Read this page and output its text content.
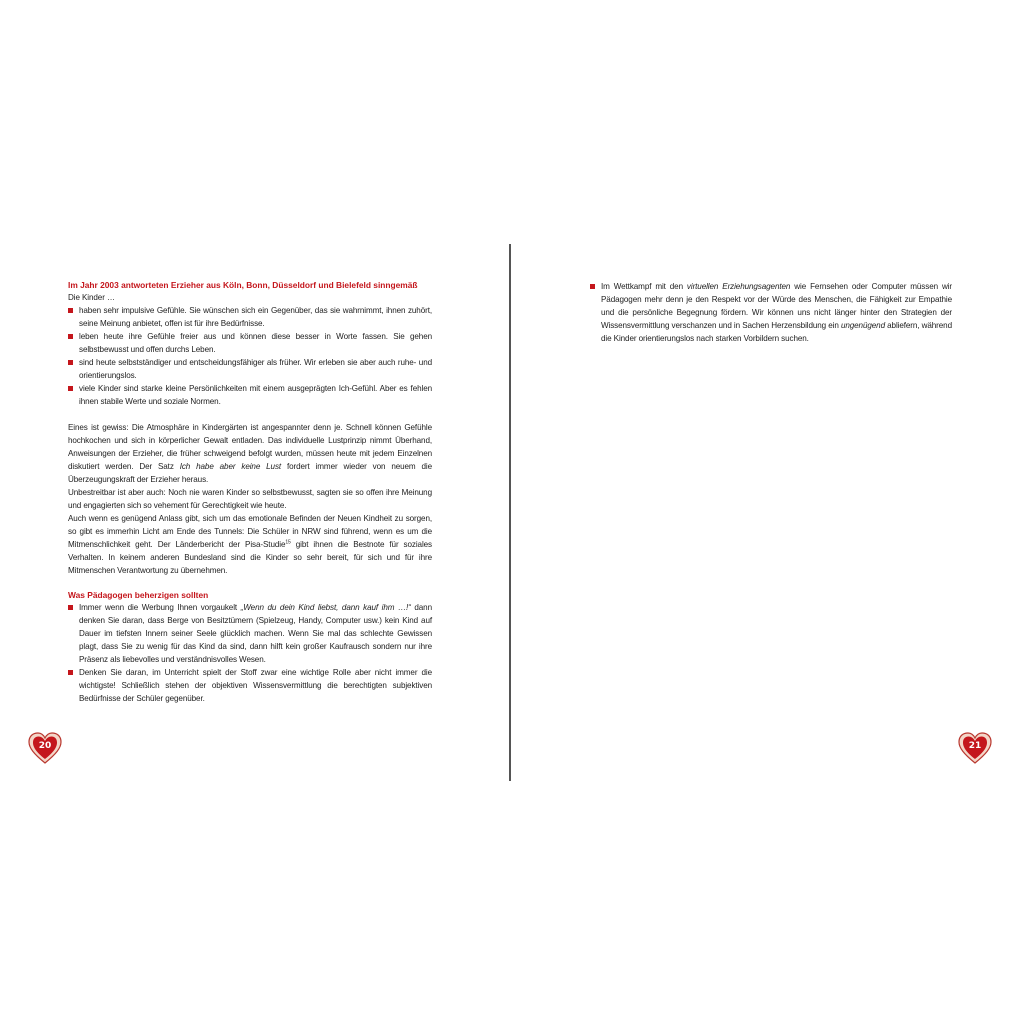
Im Jahr 2003 antworteten Erzieher aus Köln, Bonn, Düsseldorf und Bielefeld sinngemäß

Die Kinder …

haben sehr impulsive Gefühle. Sie wünschen sich ein Gegenüber, das sie wahrnimmt, ihnen zuhört, seine Meinung anbietet, offen ist für ihre Bedürfnisse.
leben heute ihre Gefühle freier aus und können diese besser in Worte fassen. Sie gehen selbstbewusst und offen durchs Leben.
sind heute selbstständiger und entscheidungsfähiger als früher. Wir erleben sie aber auch ruhe- und orientierungslos.
viele Kinder sind starke kleine Persönlichkeiten mit einem ausgeprägten Ich-Gefühl. Aber es fehlen ihnen stabile Werte und soziale Normen.

Eines ist gewiss: Die Atmosphäre in Kindergärten ist angespannter denn je. Schnell können Gefühle hochkochen und sich in körperlicher Gewalt entladen. Das individuelle Lustprinzip nimmt Überhand, Anweisungen der Erzieher, die früher schweigend befolgt wurden, müssen heute mit jedem Einzelnen diskutiert werden. Der Satz Ich habe aber keine Lust fordert immer wieder von neuem die Überzeugungskraft der Erzieher heraus.

Unbestreitbar ist aber auch: Noch nie waren Kinder so selbstbewusst, sagten sie so offen ihre Meinung und engagierten sich so vehement für Gerechtigkeit wie heute.

Auch wenn es genügend Anlass gibt, sich um das emotionale Befinden der Neuen Kindheit zu sorgen, so gibt es immerhin Licht am Ende des Tunnels: Die Schüler in NRW sind führend, wenn es um die Mitmenschlichkeit geht. Der Länderbericht der Pisa-Studie$^{15}$ gibt ihnen die Bestnote für soziales Verhalten. In keinem anderen Bundesland sind die Kinder so sehr bereit, für sich und für ihre Mitmenschen Verantwortung zu übernehmen.

Was Pädagogen beherzigen sollten

Immer wenn die Werbung Ihnen vorgaukelt „Wenn du dein Kind liebst, dann kauf ihm …!“ dann denken Sie daran, dass Berge von Besitztümern (Spielzeug, Handy, Computer usw.) kein Kind auf Dauer im tiefsten Innern seiner Seele glücklich machen. Wenn Sie mal das schlechte Gewissen plagt, dass Sie zu wenig für das Kind da sind, dann hilft kein großer Kaufrausch sondern nur ihre Präsenz als liebevolles und verständnisvolles Wesen.
Denken Sie daran, im Unterricht spielt der Stoff zwar eine wichtige Rolle aber nicht immer die wichtigste! Schließlich stehen der objektiven Wissensvermittlung die berechtigten subjektiven Bedürfnisse der Schüler gegenüber.
Im Wettkampf mit den virtuellen Erziehungsagenten wie Fernsehen oder Computer müssen wir Pädagogen mehr denn je den Respekt vor der Würde des Menschen, die Fähigkeit zur Empathie und die persönliche Begegnung fördern. Wir können uns nicht länger hinter den Strategien der Wissensvermittlung verschanzen und in Sachen Herzensbildung ein ungenügend abliefern, während die Kinder orientierungslos nach starken Vorbildern suchen.
20	21
